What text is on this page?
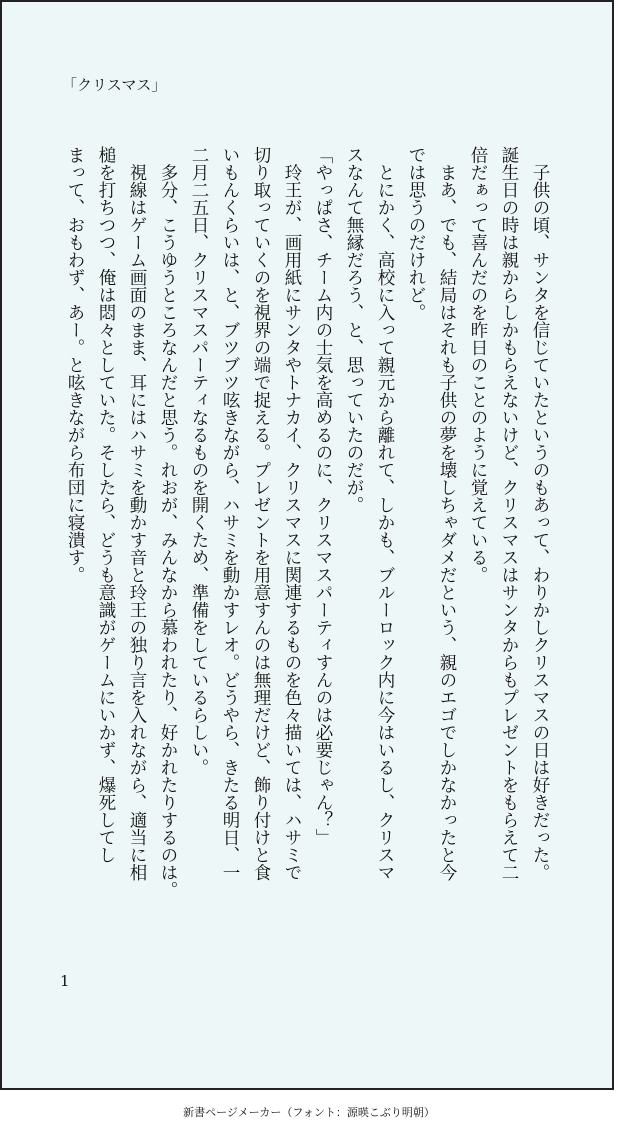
「クリスマス」
　子供の頃、サンタを信じていたというのもあって、わりかしクリスマスの日は好きだった。
誕生日の時は親からしかもらえないけど、クリスマスはサンタからもプレゼントをもらえて二
倍だぁって喜んだのを昨日のことのように覚えている。
　まあ、でも、結局はそれも子供の夢を壊しちゃダメだという、親のエゴでしかなかったと今
では思うのだけれど。
　とにかく、高校に入って親元から離れて、しかも、ブルーロック内に今はいるし、クリスマ
スなんて無縁だろう、と、思っていたのだが。
「やっぱさ、チーム内の士気を高めるのに、クリスマスパーティすんのは必要じゃん？」
　玲王が、画用紙にサンタやトナカイ、クリスマスに関連するものを色々描いては、ハサミで
切り取っていくのを視界の端で捉える。プレゼントを用意すんのは無理だけど、飾り付けと食
いもんくらいは、と、ブツブツ呟きながら、ハサミを動かすレオ。どうやら、きたる明日、一
二月二五日、クリスマスパーティなるものを開くため、準備をしているらしい。
　多分、こうゆうところなんだと思う。れおが、みんなから慕われたり、好かれたりするのは。
　視線はゲーム画面のまま、耳にはハサミを動かす音と玲王の独り言を入れながら、適当に相
槌を打ちつつ、俺は悶々としていた。そしたら、どうも意識がゲームにいかず、爆死してし
まって、おもわず、あー。と呟きながら布団に寝潰す。
1
新書ページメーカー（フォント：源暎こぶり明朝）
